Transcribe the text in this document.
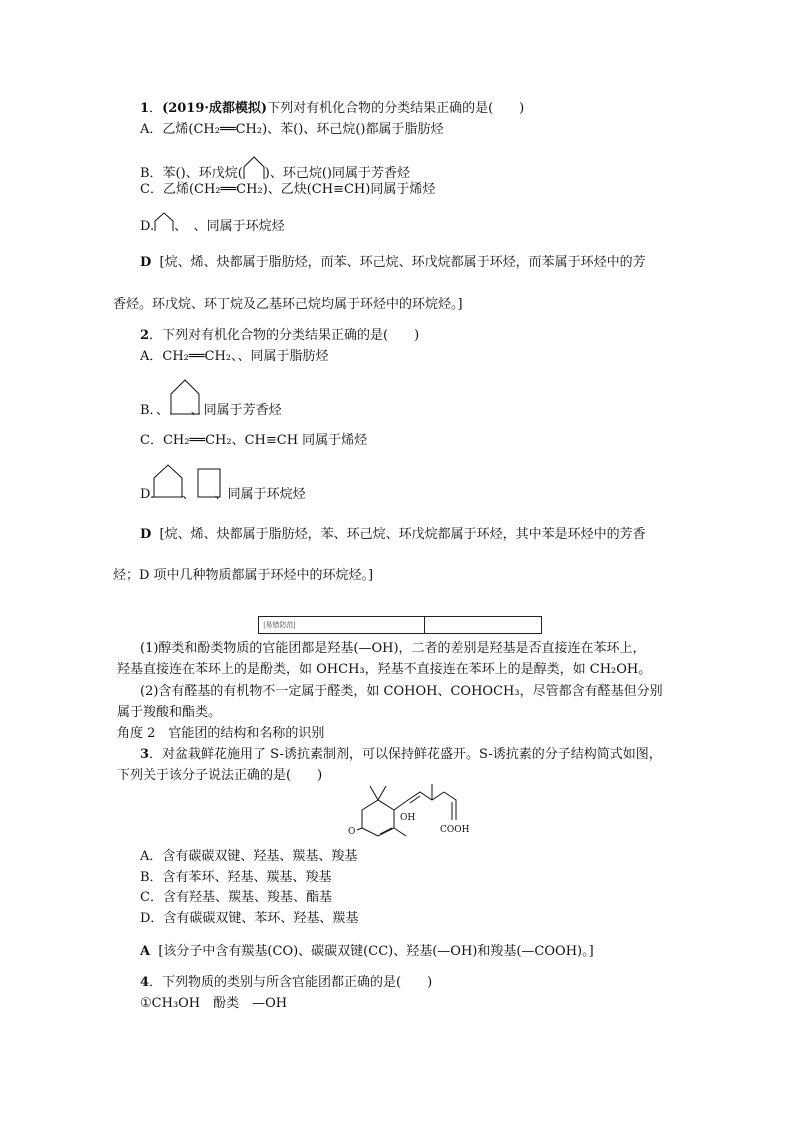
1．(2019·成都模拟)下列对有机化合物的分类结果正确的是(　　)
A．乙烯(CH₂══CH₂)、苯()、环己烷()都属于脂肪烃
B．苯()、环戊烷( )、环己烷()同属于芳香烃
C．乙烯(CH₂══CH₂)、乙炔(CH≡CH)同属于烯烃
D. 、　、同属于环烷烃
D [烷、烯、炔都属于脂肪烃，而苯、环己烷、环戊烷都属于环烃，而苯属于环烃中的芳
香烃。环戊烷、环丁烷及乙基环己烷均属于环烃中的环烷烃。]
2．下列对有机化合物的分类结果正确的是(　　)
A．CH₂══CH₂、、同属于脂肪烃
B．、 、同属于芳香烃
C．CH₂══CH₂、CH≡CH 同属于烯烃
D. 、 、同属于环烷烃
D [烷、烯、炔都属于脂肪烃，苯、环己烷、环戊烷都属于环烃，其中苯是环烃中的芳香
烃；D 项中几种物质都属于环烃中的环烷烃。]
|易错防范|
(1)醇类和酚类物质的官能团都是羟基(—OH)，二者的差别是羟基是否直接连在苯环上，
羟基直接连在苯环上的是酚类，如 OHCH₃，羟基不直接连在苯环上的是醇类，如 CH₂OH。
(2)含有醛基的有机物不一定属于醛类，如 COHOH、COHOCH₃，尽管都含有醛基但分别
属于羧酸和酯类。
角度 2　官能团的结构和名称的识别
3．对盆栽鲜花施用了 S-诱抗素制剂，可以保持鲜花盛开。S-诱抗素的分子结构简式如图，
下列关于该分子说法正确的是(　　)
O
OH
COOH
A．含有碳碳双键、羟基、羰基、羧基
B．含有苯环、羟基、羰基、羧基
C．含有羟基、羰基、羧基、酯基
D．含有碳碳双键、苯环、羟基、羰基
A [该分子中含有羰基(CO)、碳碳双键(CC)、羟基(—OH)和羧基(—COOH)。]
4．下列物质的类别与所含官能团都正确的是(　　)
①CH₃OH　酚类　—OH
